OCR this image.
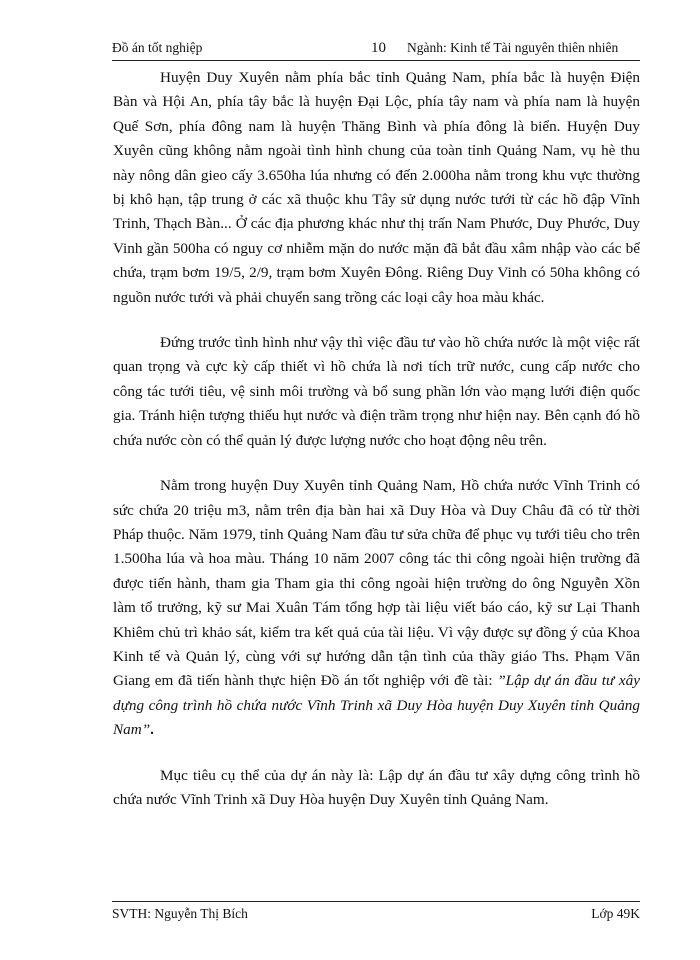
Đồ án tốt nghiệp	10 Ngành: Kinh tế Tài nguyên thiên nhiên

Huyện Duy Xuyên nằm phía bắc tỉnh Quảng Nam, phía bắc là huyện Điện Bàn và Hội An, phía tây bắc là huyện Đại Lộc, phía tây nam và phía nam là huyện Quế Sơn, phía đông nam là huyện Thăng Bình và phía đông là biển. Huyện Duy Xuyên cũng không nằm ngoài tình hình chung của toàn tỉnh Quảng Nam, vụ hè thu này nông dân gieo cấy 3.650ha lúa nhưng có đến 2.000ha nằm trong khu vực thường bị khô hạn, tập trung ở các xã thuộc khu Tây sử dụng nước tưới từ các hồ đập Vĩnh Trinh, Thạch Bàn... Ở các địa phương khác như thị trấn Nam Phước, Duy Phước, Duy Vinh gần 500ha có nguy cơ nhiễm mặn do nước mặn đã bắt đầu xâm nhập vào các bể chứa, trạm bơm 19/5, 2/9, trạm bơm Xuyên Đông. Riêng Duy Vinh có 50ha không có nguồn nước tưới và phải chuyển sang trồng các loại cây hoa màu khác.

Đứng trước tình hình như vậy thì việc đầu tư vào hồ chứa nước là một việc rất quan trọng và cực kỳ cấp thiết vì hồ chứa là nơi tích trữ nước, cung cấp nước cho công tác tưới tiêu, vệ sinh môi trường và bổ sung phần lớn vào mạng lưới điện quốc gia. Tránh hiện tượng thiếu hụt nước và điện trầm trọng như hiện nay. Bên cạnh đó hồ chứa nước còn có thể quản lý được lượng nước cho hoạt động nêu trên.

Nằm trong huyện Duy Xuyên tỉnh Quảng Nam, Hồ chứa nước Vĩnh Trinh có sức chứa 20 triệu m3, nằm trên địa bàn hai xã Duy Hòa và Duy Châu đã có từ thời Pháp thuộc. Năm 1979, tỉnh Quảng Nam đầu tư sửa chữa để phục vụ tưới tiêu cho trên 1.500ha lúa và hoa màu. Tháng 10 năm 2007 công tác thi công ngoài hiện trường đã được tiến hành, tham gia Tham gia thi công ngoài hiện trường do ông Nguyễn Xồn làm tổ trưởng, kỹ sư Mai Xuân Tám tổng hợp tài liệu viết báo cáo, kỹ sư Lại Thanh Khiêm chủ trì khảo sát, kiểm tra kết quả của tài liệu. Vì vậy được sự đồng ý của Khoa Kinh tế và Quản lý, cùng với sự hướng dẫn tận tình của thầy giáo Ths. Phạm Văn Giang em đã tiến hành thực hiện Đồ án tốt nghiệp với đề tài: ”Lập dự án đầu tư xây dựng công trình hồ chứa nước Vĩnh Trinh xã Duy Hòa huyện Duy Xuyên tỉnh Quảng Nam”.

Mục tiêu cụ thể của dự án này là: Lập dự án đầu tư xây dựng công trình hồ chứa nước Vĩnh Trinh xã Duy Hòa huyện Duy Xuyên tỉnh Quảng Nam.

SVTH: Nguyễn Thị Bích	Lớp 49K
